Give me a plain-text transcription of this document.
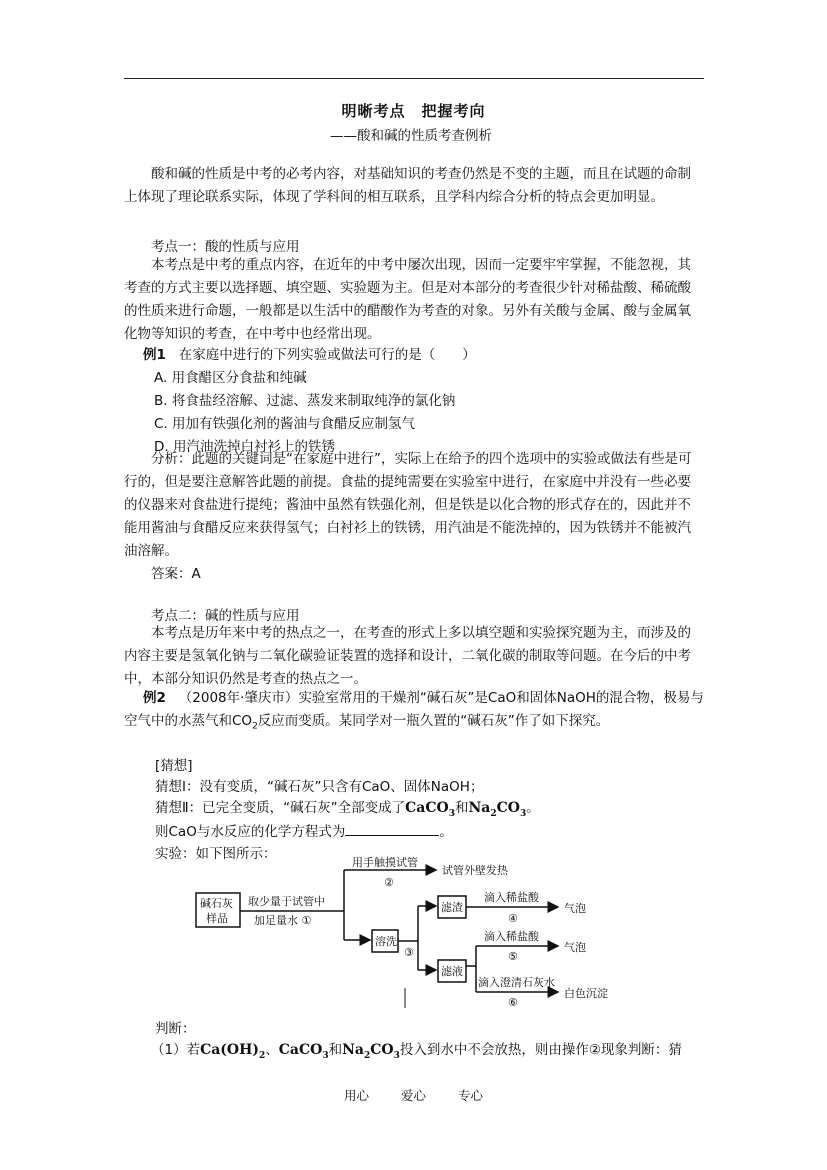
明晰考点　把握考向
——酸和碱的性质考查例析
酸和碱的性质是中考的必考内容，对基础知识的考查仍然是不变的主题，而且在试题的命制上体现了理论联系实际，体现了学科间的相互联系，且学科内综合分析的特点会更加明显。
考点一：酸的性质与应用
本考点是中考的重点内容，在近年的中考中屡次出现，因而一定要牢牢掌握，不能忽视，其考查的方式主要以选择题、填空题、实验题为主。但是对本部分的考查很少针对稀盐酸、稀硫酸的性质来进行命题，一般都是以生活中的醋酸作为考查的对象。另外有关酸与金属、酸与金属氧化物等知识的考查，在中考中也经常出现。
例1 在家庭中进行的下列实验或做法可行的是（　　）
A. 用食醋区分食盐和纯碱
B. 将食盐经溶解、过滤、蒸发来制取纯净的氯化钠
C. 用加有铁强化剂的酱油与食醋反应制氢气
D. 用汽油洗掉白衬衫上的铁锈
分析：此题的关键词是“在家庭中进行”，实际上在给予的四个选项中的实验或做法有些是可行的，但是要注意解答此题的前提。食盐的提纯需要在实验室中进行，在家庭中并没有一些必要的仪器来对食盐进行提纯；酱油中虽然有铁强化剂，但是铁是以化合物的形式存在的，因此并不能用酱油与食醋反应来获得氢气；白衬衫上的铁锈，用汽油是不能洗掉的，因为铁锈并不能被汽油溶解。
答案：A
考点二：碱的性质与应用
本考点是历年来中考的热点之一，在考查的形式上多以填空题和实验探究题为主，而涉及的内容主要是氢氧化钠与二氧化碳验证装置的选择和设计，二氧化碳的制取等问题。在今后的中考中，本部分知识仍然是考查的热点之一。
例2 （2008年·肇庆市）实验室常用的干燥剂“碱石灰”是CaO和固体NaOH的混合物，极易与空气中的水蒸气和$CO_2$反应而变质。某同学对一瓶久置的“碱石灰”作了如下探究。
[猜想]
猜想Ⅰ：没有变质，“碱石灰”只含有CaO、固体NaOH；
猜想Ⅱ：已完全变质，“碱石灰”全部变成了CaCO$_3$和$Na_2CO_3$。
则CaO与水反应的化学方程式为	。
实验：如下图所示：
碱石灰
样品
取少量于试管中
加足量水 ①
用手触摸试管
②
试管外壁发热
溶洗
③
滤渣
滴入稀盐酸
④
气泡
滤液
滴入稀盐酸
⑤
气泡
滴入澄清石灰水
⑥
白色沉淀
判断：
（1）若$Ca(OH)_2$、CaCO$_3$和$Na_2CO_3$投入到水中不会放热，则由操作②现象判断：猜
用心	爱心	专心
